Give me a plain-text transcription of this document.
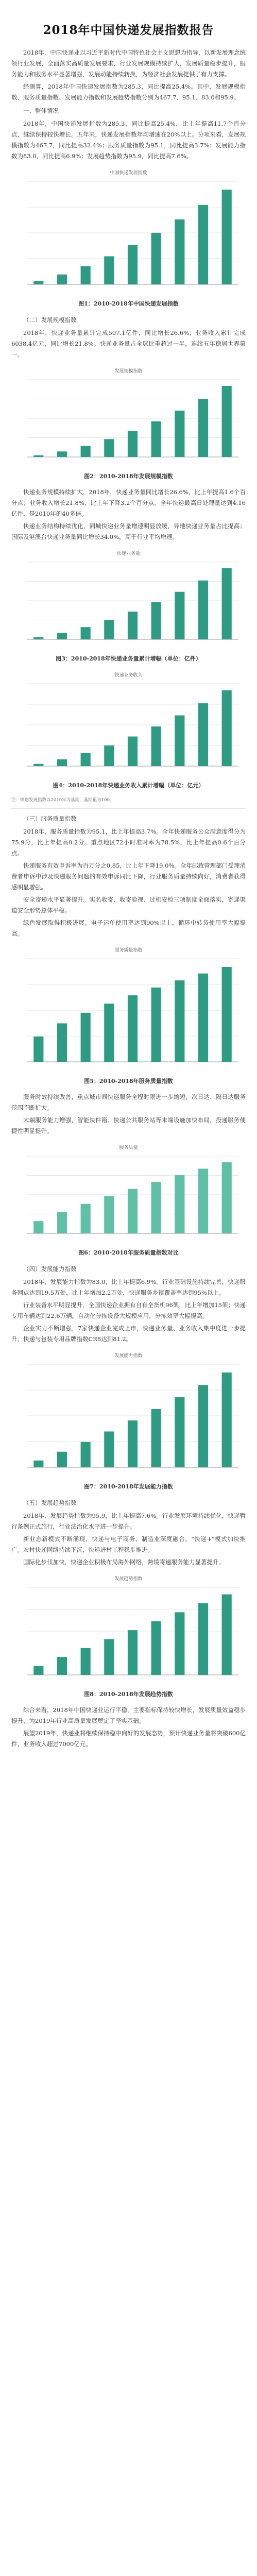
2018年中国快递发展指数报告

2018年，中国快递业以习近平新时代中国特色社会主义思想为指导，以新发展理念统领行业发展，全面落实高质量发展要求，行业发展规模持续扩大，发展质量稳步提升，服务能力和服务水平显著增强，发展动能持续转换，为经济社会发展提供了有力支撑。

经测算，2018年中国快递发展指数为285.3，同比提高25.4%。其中，发展规模指数、服务质量指数、发展能力指数和发展趋势指数分别为467.7、95.1、83.0和95.9。

一、整体情况

2018年，中国快递发展指数为285.3，同比提高25.4%，比上年提高11.7个百分点，继续保持较快增长。五年来，快递发展指数年均增速在20%以上。分项来看，发展规模指数为467.7，同比提高32.4%；服务质量指数为95.1，同比提高3.7%；发展能力指数为83.0，同比提高6.9%；发展趋势指数为95.9，同比提高7.6%。

中国快递发展指数
图1：2010-2018年中国快递发展指数
（二）发展规模指数

2018年，快递业务量累计完成507.1亿件，同比增长26.6%；业务收入累计完成6038.4亿元，同比增长21.8%。快递业务量占全球比重超过一半，连续五年稳居世界第一。

发展规模指数
图2：2010-2018年发展规模指数

快递业务规模持续扩大，2018年，快递业务量同比增长26.6%，比上年提高1.6个百分点；业务收入增长21.8%，比上年下降3.2个百分点。全年快递最高日处理量达到4.16亿件，是2010年的40多倍。

快递业务结构持续优化，同城快递业务量增速明显放缓，异地快递业务量占比提高；国际及港澳台快递业务量同比增长34.0%，高于行业平均增速。

快递业务量
图3：2010-2018年快递业务量累计增幅（单位：亿件）
快递业务收入
图4：2010-2018年快递业务收入累计增幅（单位：亿元）
注：快递发展指数以2010年为基期，基期值为100。
（三）服务质量指数

2018年，服务质量指数为95.1，比上年提高3.7%。全年快递服务公众满意度得分为75.9分，比上年提高0.2分。重点地区72小时准时率为78.5%，比上年提高0.6个百分点。

快递服务有效申诉率为百万分之0.85，比上年下降19.0%。全年邮政管理部门受理消费者申诉中涉及快递服务问题的有效申诉同比下降，行业服务质量持续向好，消费者获得感明显增强。

安全寄递水平显著提升。实名收寄、收寄验视、过机安检三项制度全面落实，寄递渠道安全形势总体平稳。

绿色发展取得积极进展。电子运单使用率达到90%以上，循环中转袋使用率大幅提高。

服务质量指数
图5：2010-2018年服务质量指数

服务时效持续改善，重点城市间快递服务全程时限进一步缩短，次日达、隔日达服务范围不断扩大。

末端服务能力增强，智能快件箱、快递公共服务站等末端设施加快布局，投递服务便捷性明显提升。

服务质量
图6：2010-2018年服务质量指数对比
（四）发展能力指数

2018年，发展能力指数为83.0，比上年提高6.9%。行业基础设施持续完善，快递服务网点达到19.5万处，比上年增加2.2万处，快递服务乡镇覆盖率达到95%以上。

行业装备水平明显提升，全国快递企业拥有自有全货机96架，比上年增加15架；快递专用车辆达到22.6万辆。自动化分拣设备大规模应用，分拣效率大幅提高。

企业实力不断增强，7家快递企业完成上市，快递业务量、业务收入集中度进一步提升，快递与包装专用品牌指数CR8达到81.2。

发展能力指数
图7：2010-2018年发展能力指数
（五）发展趋势指数

2018年，发展趋势指数为95.9，比上年提高7.6%。行业发展环境持续优化，快递暂行条例正式施行，行业法治化水平进一步提升。

新业态新模式不断涌现，快递与电子商务、制造业深度融合，"快递+"模式加快推广。农村快递网络持续下沉，快递进村工程稳步推进。

国际化步伐加快，快递企业积极布局海外网络，跨境寄递服务能力显著提升。

发展趋势指数
图8：2010-2018年发展趋势指数

综合来看，2018年中国快递业运行平稳，主要指标保持较快增长，发展质量效益稳步提升，为2019年行业高质量发展奠定了坚实基础。

展望2019年，快递业将继续保持稳中向好的发展态势，预计快递业务量将突破600亿件，业务收入超过7000亿元。
